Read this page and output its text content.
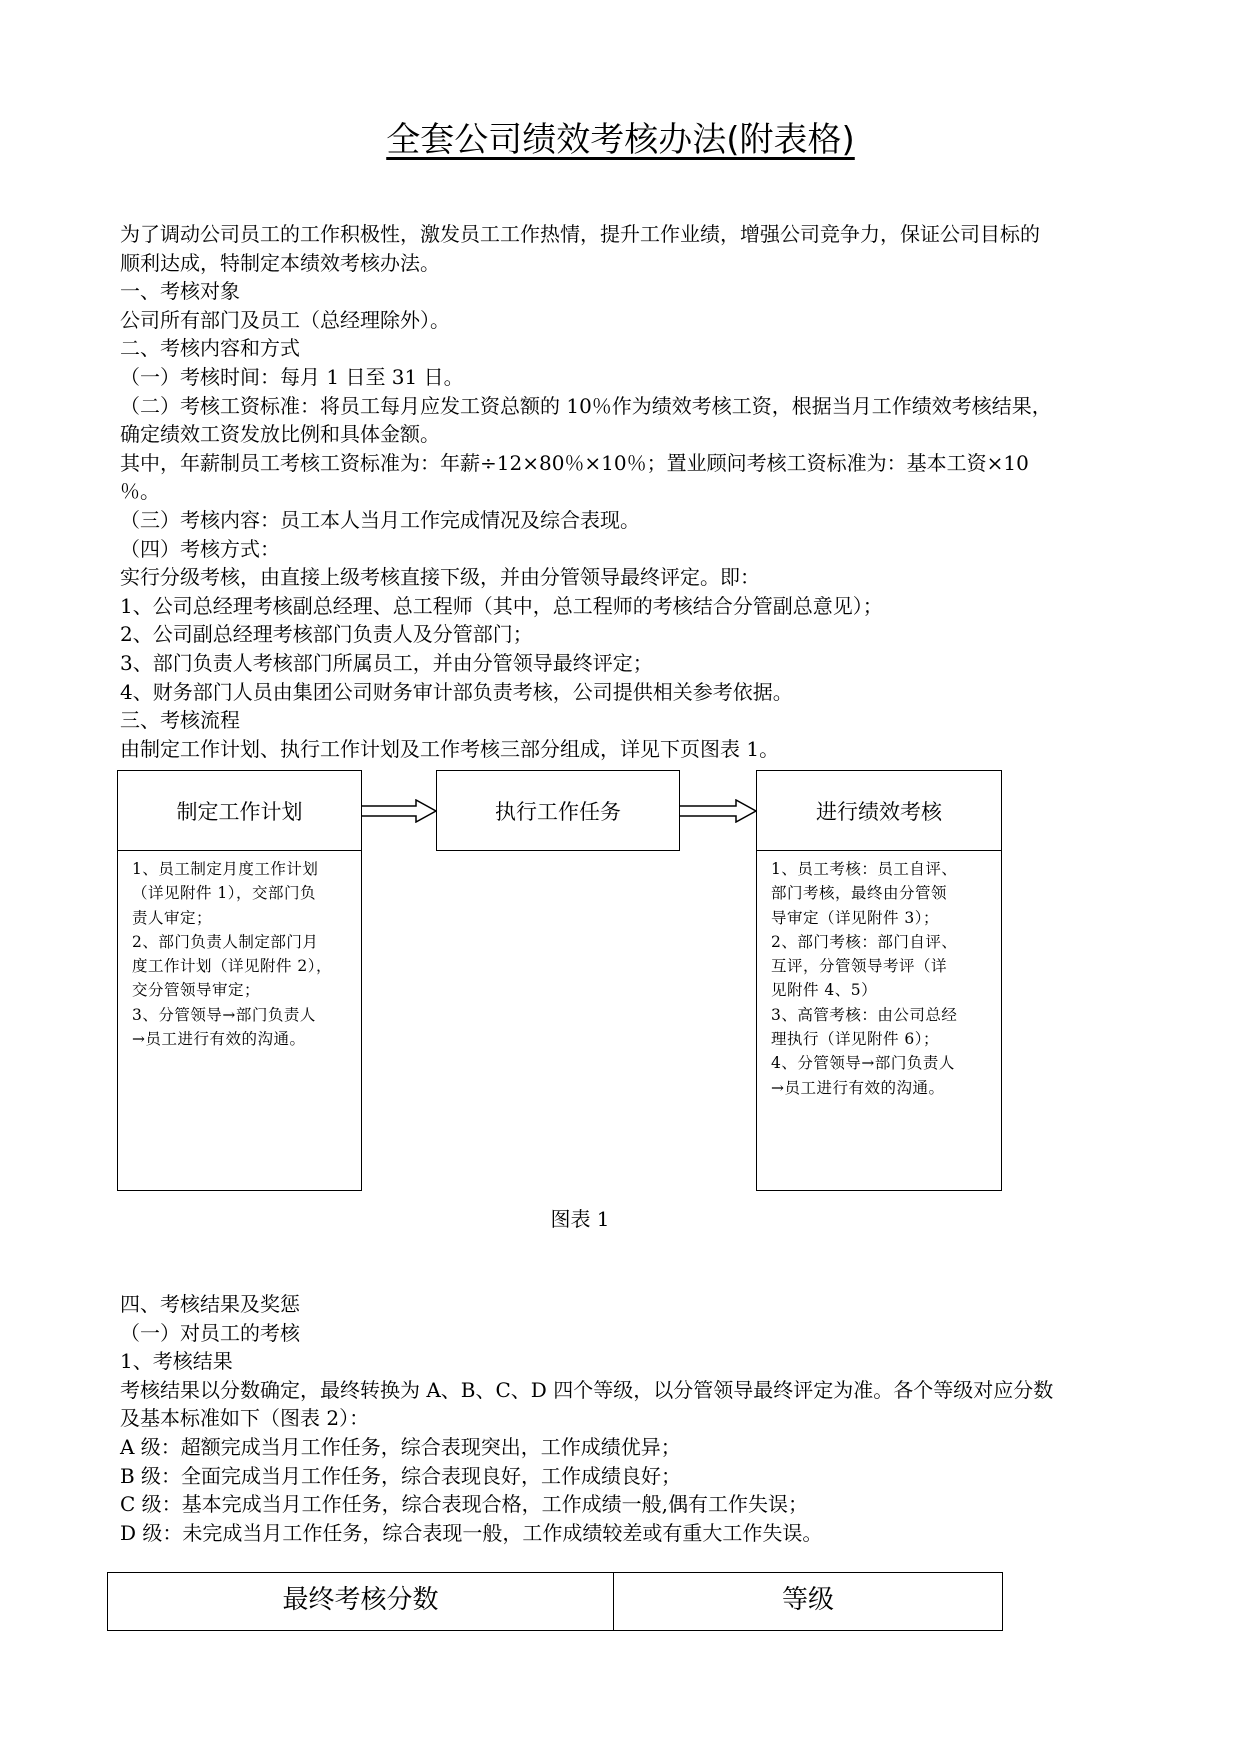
全套公司绩效考核办法(附表格)

为了调动公司员工的工作积极性，激发员工工作热情，提升工作业绩，增强公司竞争力，保证公司目标的

顺利达成，特制定本绩效考核办法。

一、考核对象

公司所有部门及员工（总经理除外）。

二、考核内容和方式

（一）考核时间：每月 1 日至 31 日。

（二）考核工资标准：将员工每月应发工资总额的 10％作为绩效考核工资，根据当月工作绩效考核结果，

确定绩效工资发放比例和具体金额。

其中，年薪制员工考核工资标准为：年薪÷12×80％×10％；置业顾问考核工资标准为：基本工资×10

％。

（三）考核内容：员工本人当月工作完成情况及综合表现。

（四）考核方式：

实行分级考核，由直接上级考核直接下级，并由分管领导最终评定。即：

1、公司总经理考核副总经理、总工程师（其中，总工程师的考核结合分管副总意见）；

2、公司副总经理考核部门负责人及分管部门；

3、部门负责人考核部门所属员工，并由分管领导最终评定；

4、财务部门人员由集团公司财务审计部负责考核，公司提供相关参考依据。

三、考核流程

由制定工作计划、执行工作计划及工作考核三部分组成，详见下页图表 1。

制定工作计划

1、员工制定月度工作计划

（详见附件 1），交部门负

责人审定；

2、部门负责人制定部门月

度工作计划（详见附件 2），

交分管领导审定；

3、分管领导→部门负责人

→员工进行有效的沟通。

执行工作任务	进行绩效考核

1、员工考核：员工自评、

部门考核，最终由分管领

导审定（详见附件 3）；

2、部门考核：部门自评、

互评，分管领导考评（详

见附件 4、5）

3、高管考核：由公司总经

理执行（详见附件 6）；

4、分管领导→部门负责人

→员工进行有效的沟通。

图表 1

四、考核结果及奖惩

（一）对员工的考核

1、考核结果

考核结果以分数确定，最终转换为 A、B、C、D 四个等级，以分管领导最终评定为准。各个等级对应分数

及基本标准如下（图表 2）：

A 级：超额完成当月工作任务，综合表现突出，工作成绩优异；

B 级：全面完成当月工作任务，综合表现良好，工作成绩良好；

C 级：基本完成当月工作任务，综合表现合格，工作成绩一般,偶有工作失误；

D 级：未完成当月工作任务，综合表现一般，工作成绩较差或有重大工作失误。

最终考核分数	等级
